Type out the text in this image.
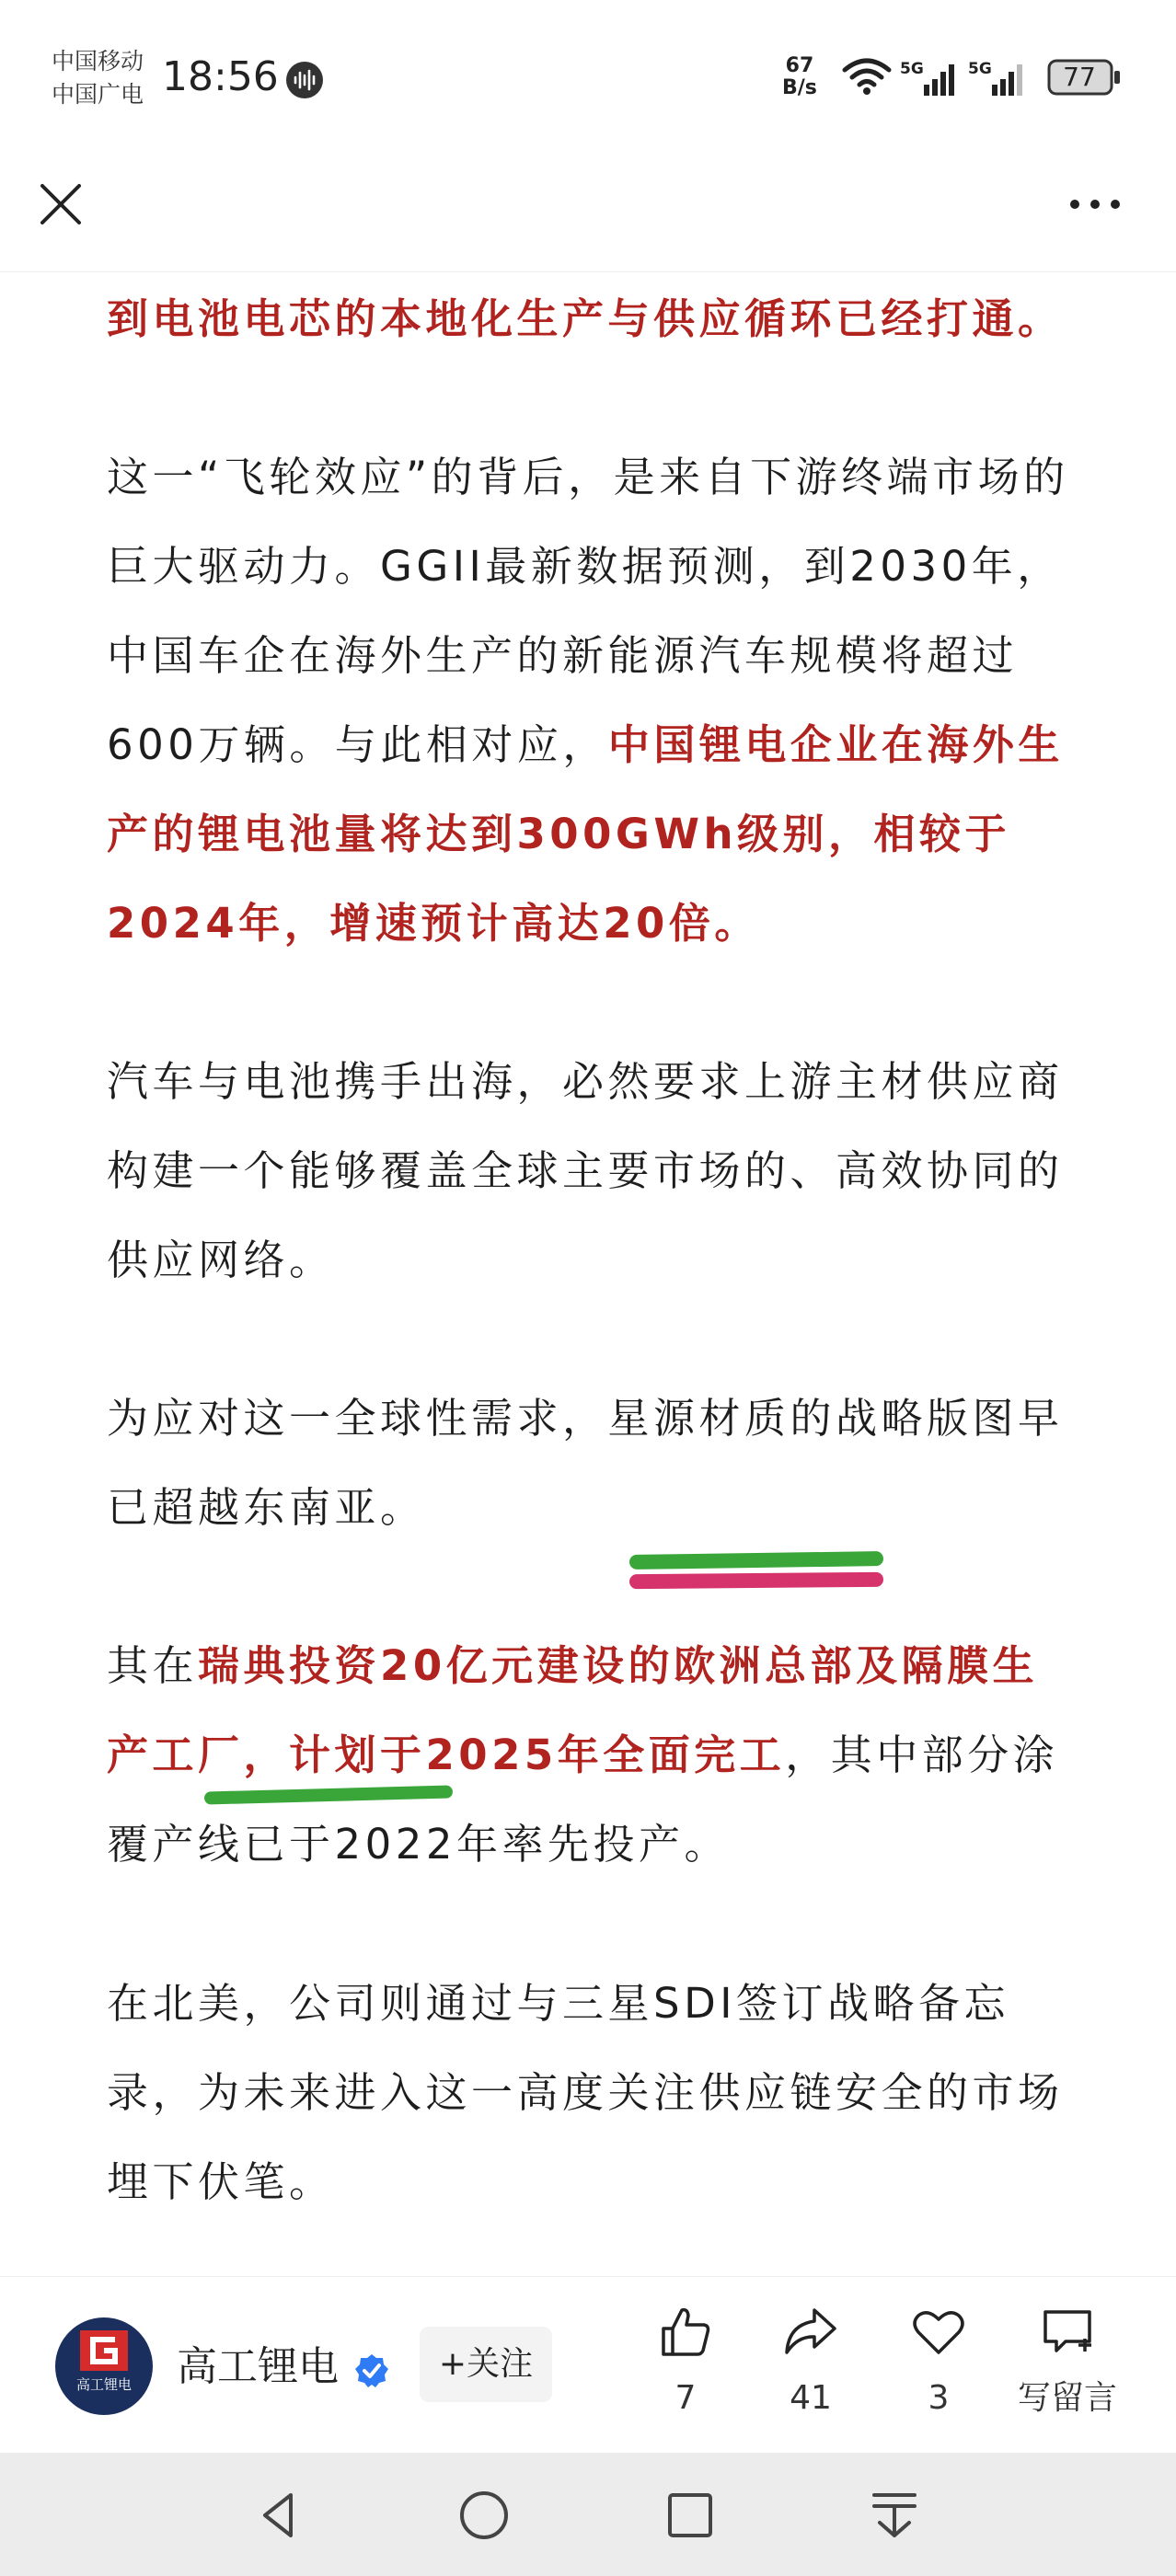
中国移动
中国广电 18:56	67
B/s
5G	5G	77

到电池电芯的本地化生产与供应循环已经打通。

这一“飞轮效应”的背后，是来自下游终端市场的巨大驱动力。GGII最新数据预测，到2030年，中国车企在海外生产的新能源汽车规模将超过600万辆。与此相对应，中国锂电企业在海外生产的锂电池量将达到300GWh级别，相较于2024年，增速预计高达20倍。

汽车与电池携手出海，必然要求上游主材供应商构建一个能够覆盖全球主要市场的、高效协同的供应网络。

为应对这一全球性需求，星源材质的战略版图早已超越东南亚。

其在瑞典投资20亿元建设的欧洲总部及隔膜生产工厂，计划于2025年全面完工，其中部分涂覆产线已于2022年率先投产。

在北美，公司则通过与三星SDI签订战略备忘录，为未来进入这一高度关注供应链安全的市场埋下伏笔。

高工锂电	高工锂电	+关注
7	41	3	写留言
